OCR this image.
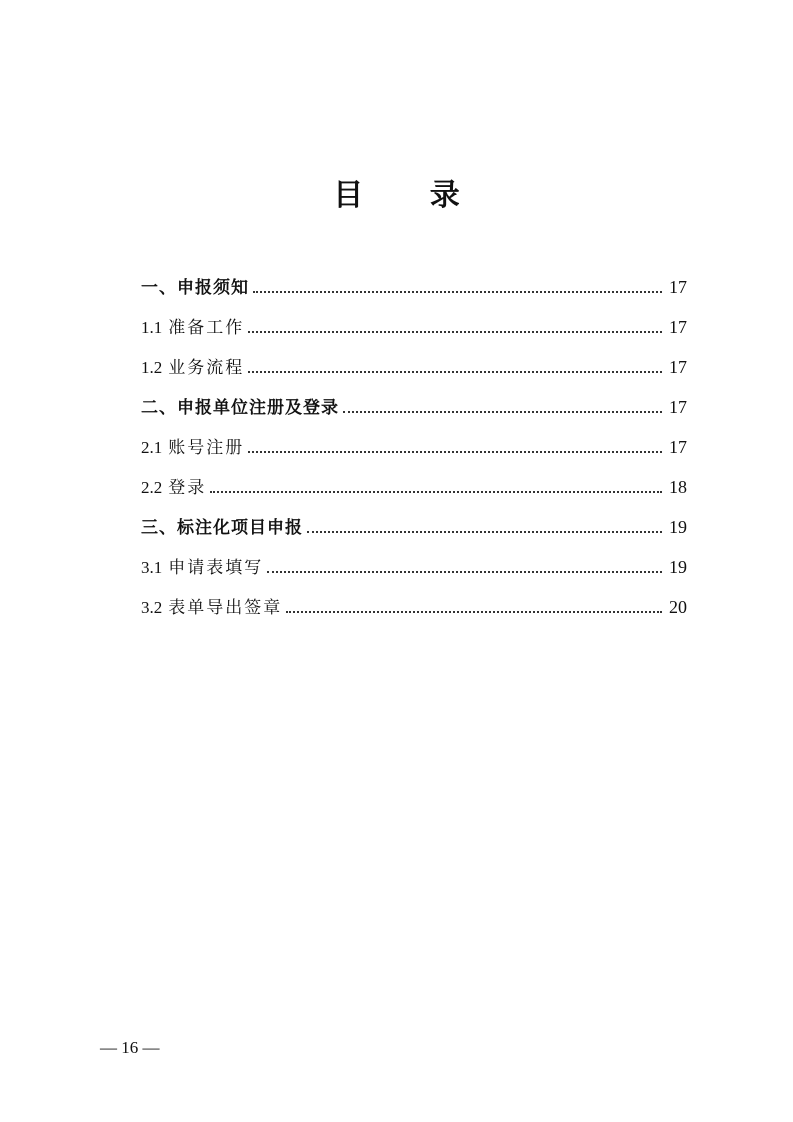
目 录
一、申报须知	17
1.1 准备工作	17
1.2 业务流程	17
二、申报单位注册及登录	17
2.1 账号注册	17
2.2 登录	18
三、标注化项目申报	19
3.1 申请表填写	19
3.2 表单导出签章	20
— 16 —
